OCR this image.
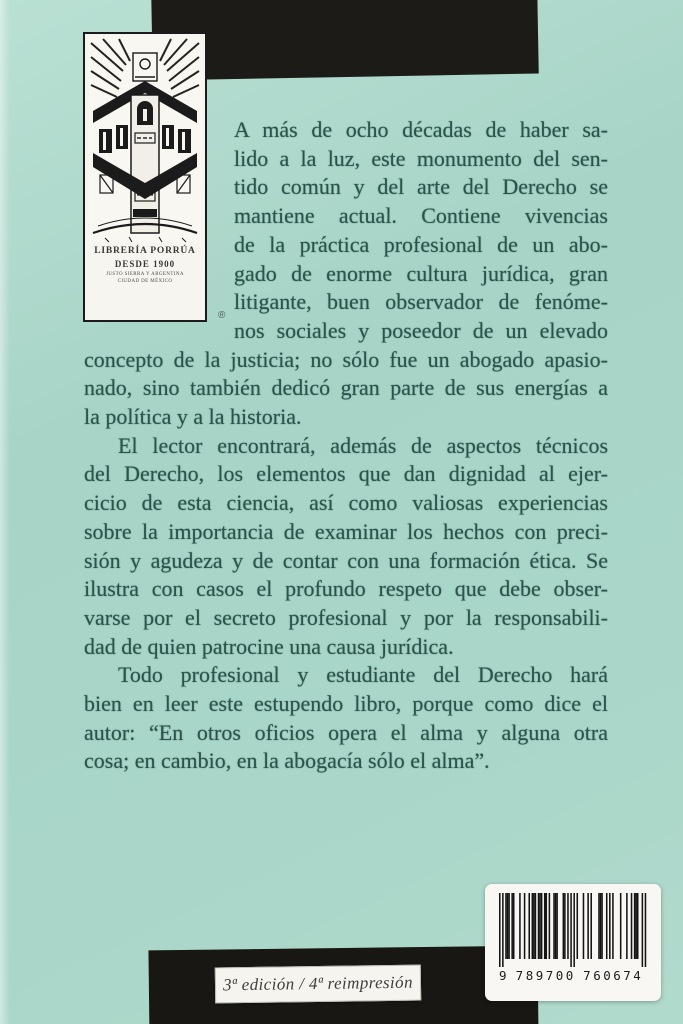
LIBRERÍA PORRÚA
DESDE 1900
JUSTO SIERRA Y ARGENTINA
CIUDAD DE MÉXICO
®
A más de ocho décadas de haber sa-
lido a la luz, este monumento del sen-
tido común y del arte del Derecho se
mantiene actual. Contiene vivencias
de la práctica profesional de un abo-
gado de enorme cultura jurídica, gran
litigante, buen observador de fenóme-
nos sociales y poseedor de un elevado
concepto de la justicia; no sólo fue un abogado apasio-
nado, sino también dedicó gran parte de sus energías a
la política y a la historia.
El lector encontrará, además de aspectos técnicos
del Derecho, los elementos que dan dignidad al ejer-
cicio de esta ciencia, así como valiosas experiencias
sobre la importancia de examinar los hechos con preci-
sión y agudeza y de contar con una formación ética. Se
ilustra con casos el profundo respeto que debe obser-
varse por el secreto profesional y por la responsabili-
dad de quien patrocine una causa jurídica.
Todo profesional y estudiante del Derecho hará
bien en leer este estupendo libro, porque como dice el
autor: “En otros oficios opera el alma y alguna otra
cosa; en cambio, en la abogacía sólo el alma”.
3ª edición / 4ª reimpresión	9 789700 760674
